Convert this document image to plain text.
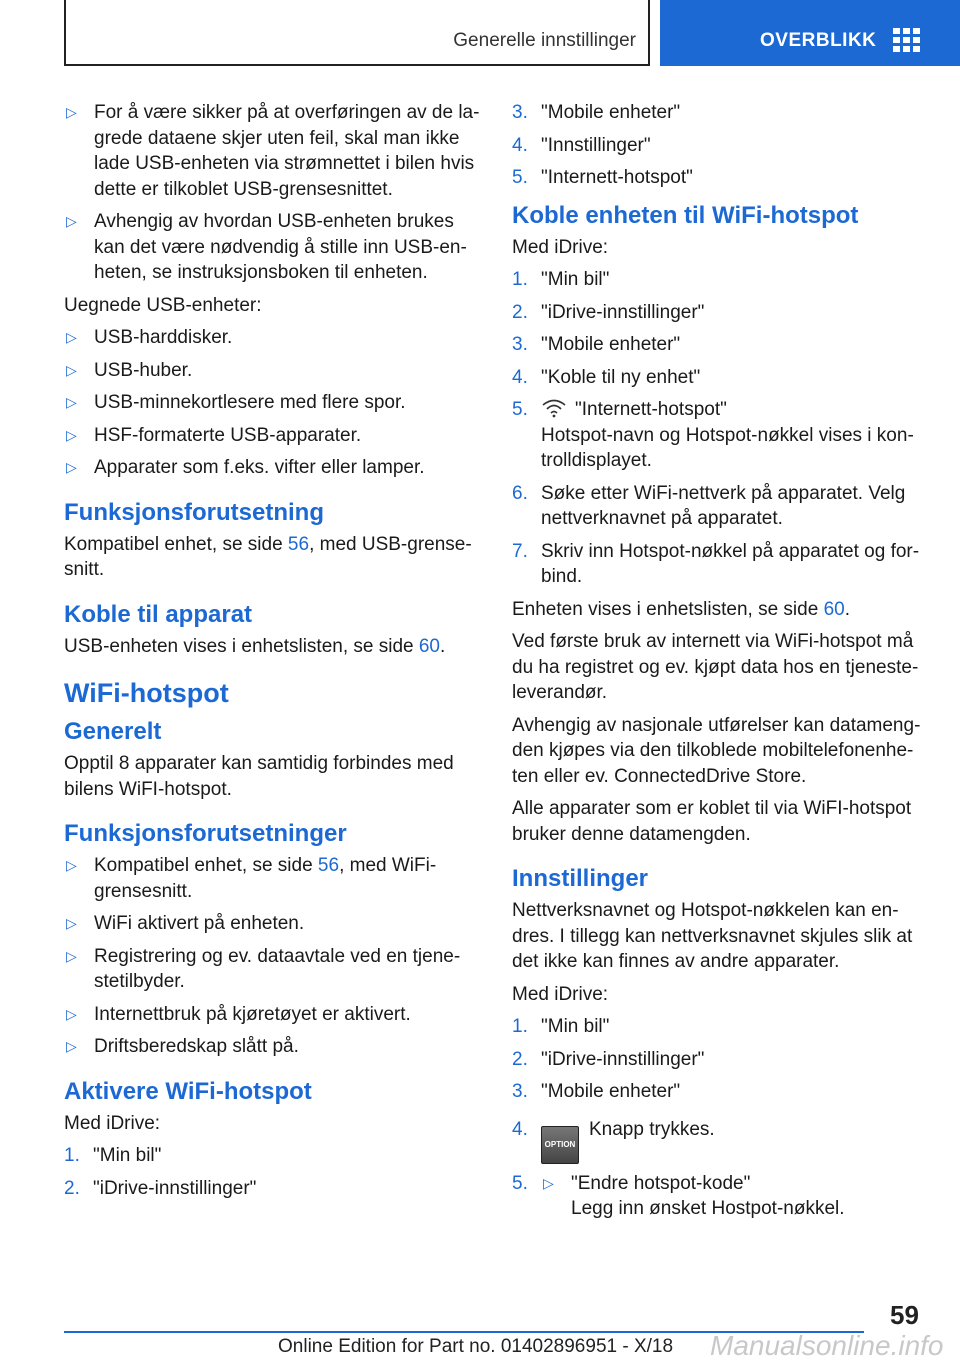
Generelle innstillinger	OVERBLIKK
▷ For å være sikker på at overføringen av de lagrede dataene skjer uten feil, skal man ikke lade USB-enheten via strømnettet i bilen hvis dette er tilkoblet USB-grensesnittet.
▷ Avhengig av hvordan USB-enheten brukes kan det være nødvendig å stille inn USB-enheten, se instruksjonsboken til enheten.

Uegnede USB-enheter:

▷ USB-harddisker.
▷ USB-huber.
▷ USB-minnekortlesere med flere spor.
▷ HSF-formaterte USB-apparater.
▷ Apparater som f.eks. vifter eller lamper.
Funksjonsforutsetning

Kompatibel enhet, se side 56, med USB-grensesnitt.

Koble til apparat

USB-enheten vises i enhetslisten, se side 60.

WiFi-hotspot
Generelt

Opptil 8 apparater kan samtidig forbindes med bilens WiFI-hotspot.

Funksjonsforutsetninger
▷ Kompatibel enhet, se side 56, med WiFi-grensesnitt.
▷ WiFi aktivert på enheten.
▷ Registrering og ev. dataavtale ved en tjenestetilbyder.
▷ Internettbruk på kjøretøyet er aktivert.
▷ Driftsberedskap slått på.
Aktivere WiFi-hotspot

Med iDrive:

1. "Min bil"
2. "iDrive-innstillinger"
3. "Mobile enheter"
4. "Innstillinger"
5. "Internett-hotspot"
Koble enheten til WiFi-hotspot

Med iDrive:

1. "Min bil"
2. "iDrive-innstillinger"
3. "Mobile enheter"
4. "Koble til ny enhet"
5. "Internett-hotspot"
Hotspot-navn og Hotspot-nøkkel vises i kontrolldisplayet.
6. Søke etter WiFi-nettverk på apparatet. Velg nettverknavnet på apparatet.
7. Skriv inn Hotspot-nøkkel på apparatet og forbind.

Enheten vises i enhetslisten, se side 60.

Ved første bruk av internett via WiFi-hotspot må du ha registret og ev. kjøpt data hos en tjenesteleverandør.

Avhengig av nasjonale utførelser kan datamengden kjøpes via den tilkoblede mobiltelefonenheten eller ev. ConnectedDrive Store.

Alle apparater som er koblet til via WiFI-hotspot bruker denne datamengden.

Innstillinger

Nettverksnavnet og Hotspot-nøkkelen kan endres. I tillegg kan nettverksnavnet skjules slik at det ikke kan finnes av andre apparater.

Med iDrive:

1. "Min bil"
2. "iDrive-innstillinger"
3. "Mobile enheter"
4.
OPTIONKnapp trykkes.
5. ▷ "Endre hotspot-kode"
Legg inn ønsket Hostpot-nøkkel.
59
Online Edition for Part no. 01402896951 - X/18 Manualsonline.info
